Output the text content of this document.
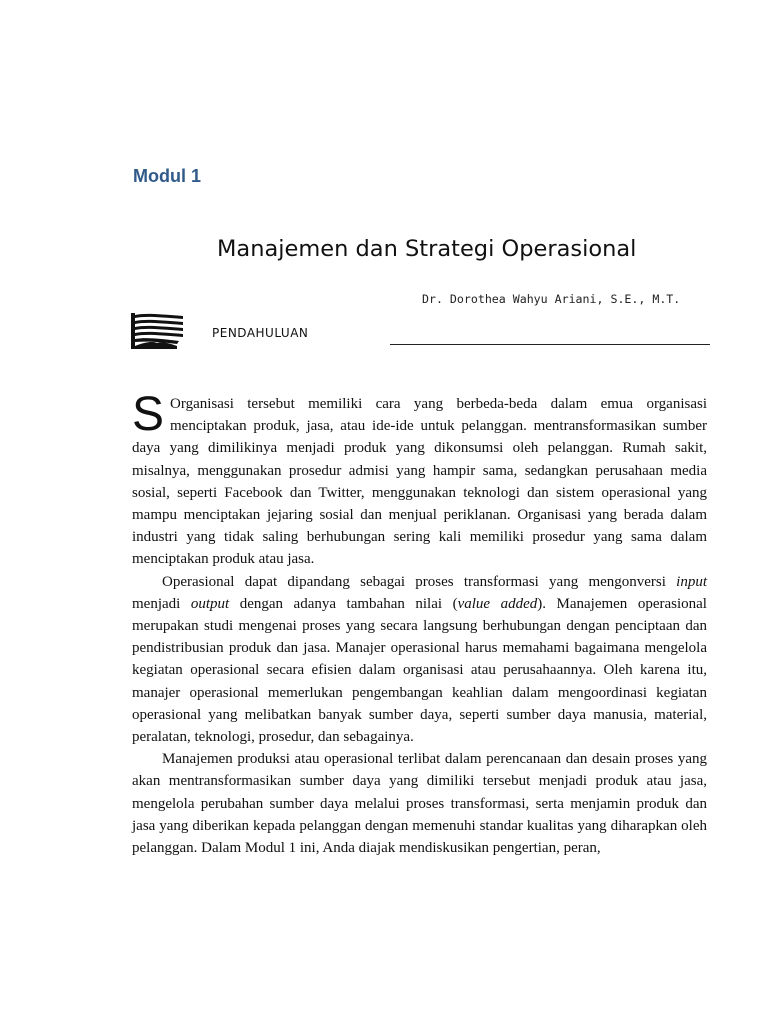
Modul 1
Manajemen dan Strategi Operasional
Dr. Dorothea Wahyu Ariani, S.E., M.T.
PENDAHULUAN

S Organisasi tersebut memiliki cara yang berbeda-beda dalam emua organisasi menciptakan produk, jasa, atau ide-ide untuk pelanggan. mentransformasikan sumber daya yang dimilikinya menjadi produk yang dikonsumsi oleh pelanggan. Rumah sakit, misalnya, menggunakan prosedur admisi yang hampir sama, sedangkan perusahaan media sosial, seperti Facebook dan Twitter, menggunakan teknologi dan sistem operasional yang mampu menciptakan jejaring sosial dan menjual periklanan. Organisasi yang berada dalam industri yang tidak saling berhubungan sering kali memiliki prosedur yang sama dalam menciptakan produk atau jasa.

Operasional dapat dipandang sebagai proses transformasi yang mengonversi input menjadi output dengan adanya tambahan nilai (value added). Manajemen operasional merupakan studi mengenai proses yang secara langsung berhubungan dengan penciptaan dan pendistribusian produk dan jasa. Manajer operasional harus memahami bagaimana mengelola kegiatan operasional secara efisien dalam organisasi atau perusahaannya. Oleh karena itu, manajer operasional memerlukan pengembangan keahlian dalam mengoordinasi kegiatan operasional yang melibatkan banyak sumber daya, seperti sumber daya manusia, material, peralatan, teknologi, prosedur, dan sebagainya.

Manajemen produksi atau operasional terlibat dalam perencanaan dan desain proses yang akan mentransformasikan sumber daya yang dimiliki tersebut menjadi produk atau jasa, mengelola perubahan sumber daya melalui proses transformasi, serta menjamin produk dan jasa yang diberikan kepada pelanggan dengan memenuhi standar kualitas yang diharapkan oleh pelanggan. Dalam Modul 1 ini, Anda diajak mendiskusikan pengertian, peran,
